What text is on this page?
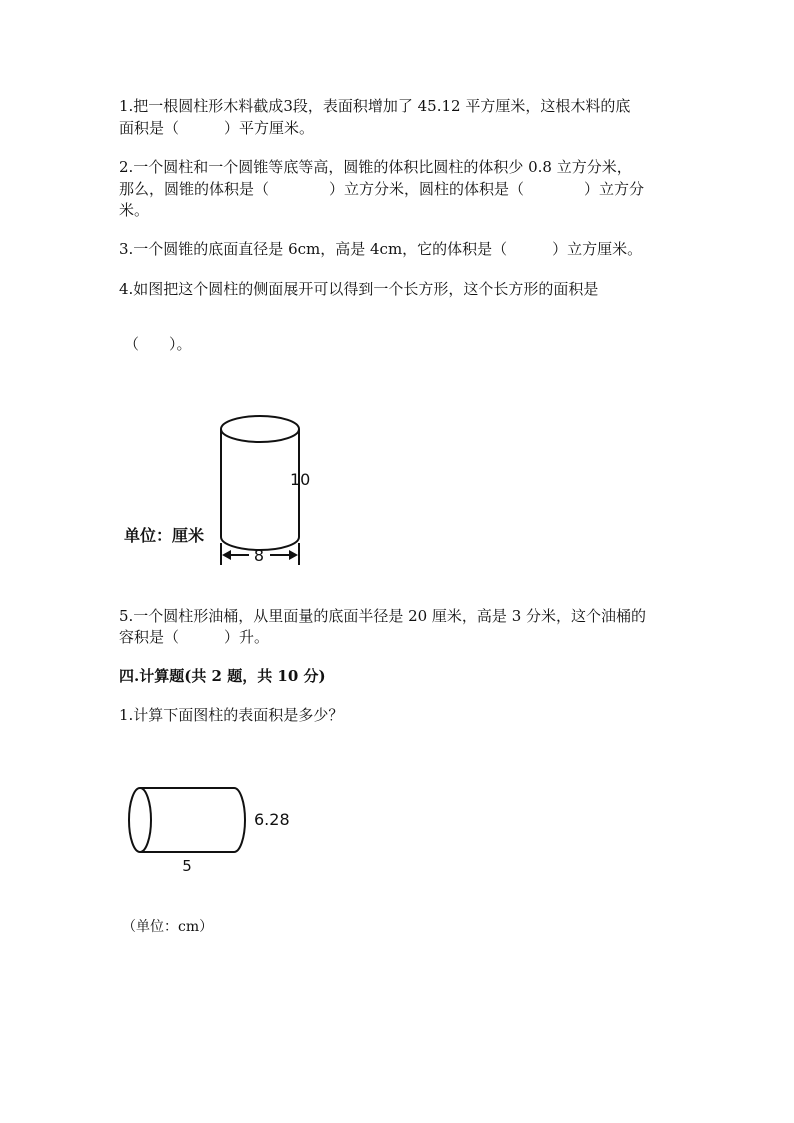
1.把一根圆柱形木料截成3段，表面积增加了 45.12 平方厘米，这根木料的底
面积是（　　　）平方厘米。
2.一个圆柱和一个圆锥等底等高，圆锥的体积比圆柱的体积少 0.8 立方分米，
那么，圆锥的体积是（　　　　）立方分米，圆柱的体积是（　　　　）立方分
米。
3.一个圆锥的底面直径是 6cm，高是 4cm，它的体积是（　　　）立方厘米。
4.如图把这个圆柱的侧面展开可以得到一个长方形，这个长方形的面积是
（　　）。
10
8
单位：厘米
5.一个圆柱形油桶，从里面量的底面半径是 20 厘米，高是 3 分米，这个油桶的
容积是（　　　）升。
四.计算题(共 2 题，共 10 分)
1.计算下面图柱的表面积是多少？
6.28
5
（单位：cm）
